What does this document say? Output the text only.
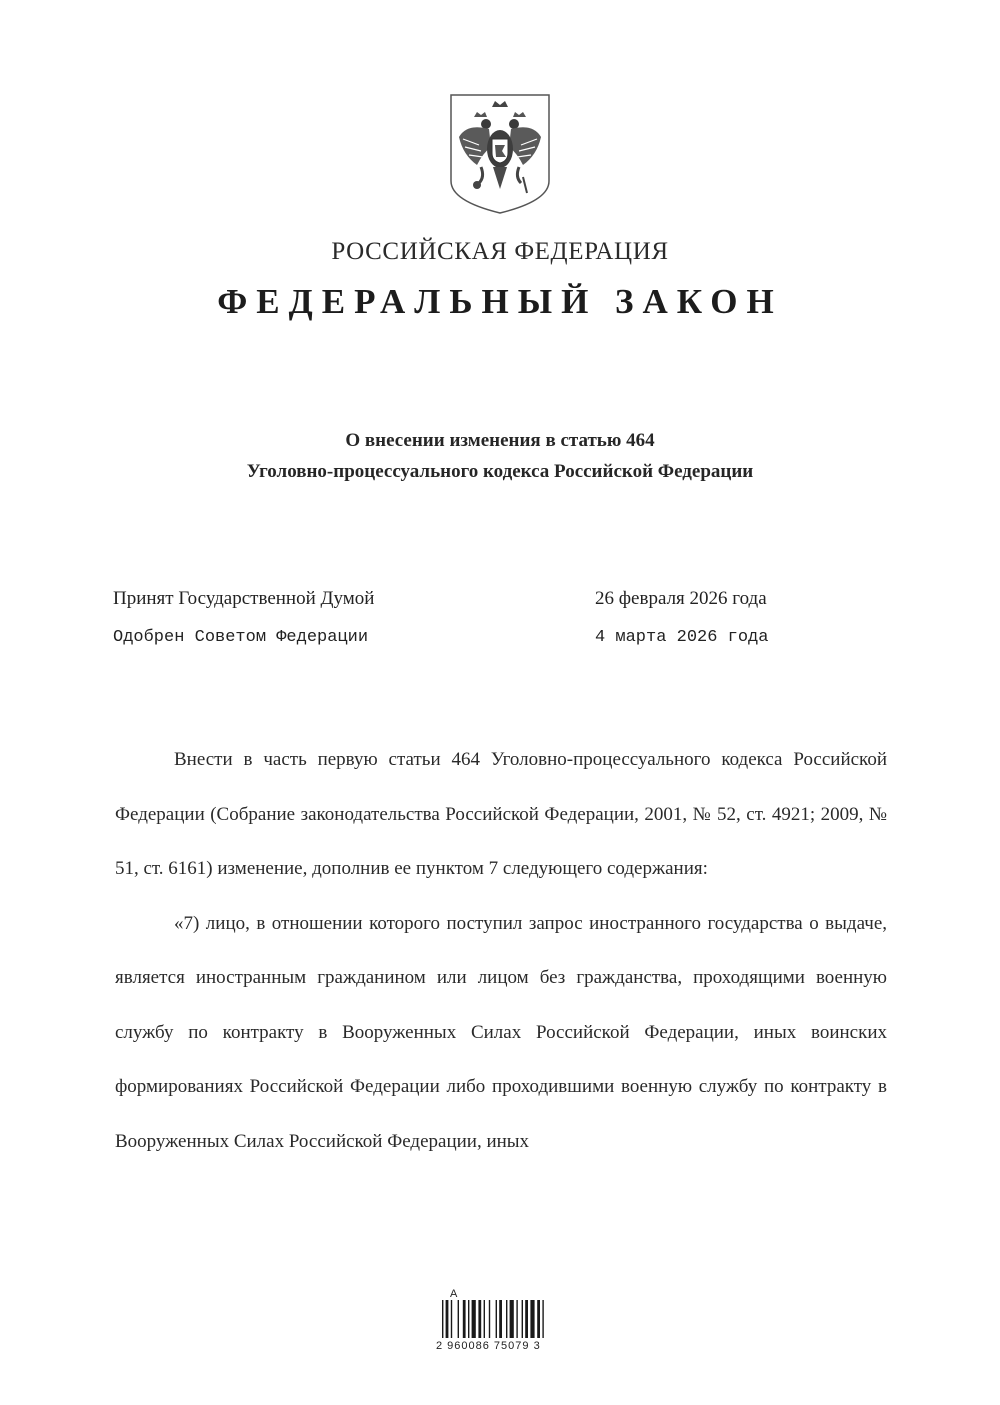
РОССИЙСКАЯ ФЕДЕРАЦИЯ
ФЕДЕРАЛЬНЫЙ ЗАКОН
О внесении изменения в статью 464
Уголовно-процессуального кодекса Российской Федерации
Принят Государственной Думой	26 февраля 2026 года
Одобрен Советом Федерации	4 марта 2026 года

Внести в часть первую статьи 464 Уголовно-процессуального кодекса Российской Федерации (Собрание законодательства Российской Федерации, 2001, № 52, ст. 4921; 2009, № 51, ст. 6161) изменение, дополнив ее пунктом 7 следующего содержания:

«7) лицо, в отношении которого поступил запрос иностранного государства о выдаче, является иностранным гражданином или лицом без гражданства, проходящими военную службу по контракту в Вооруженных Силах Российской Федерации, иных воинских формированиях Российской Федерации либо проходившими военную службу по контракту в Вооруженных Силах Российской Федерации, иных

A
2 960086 75079 3
